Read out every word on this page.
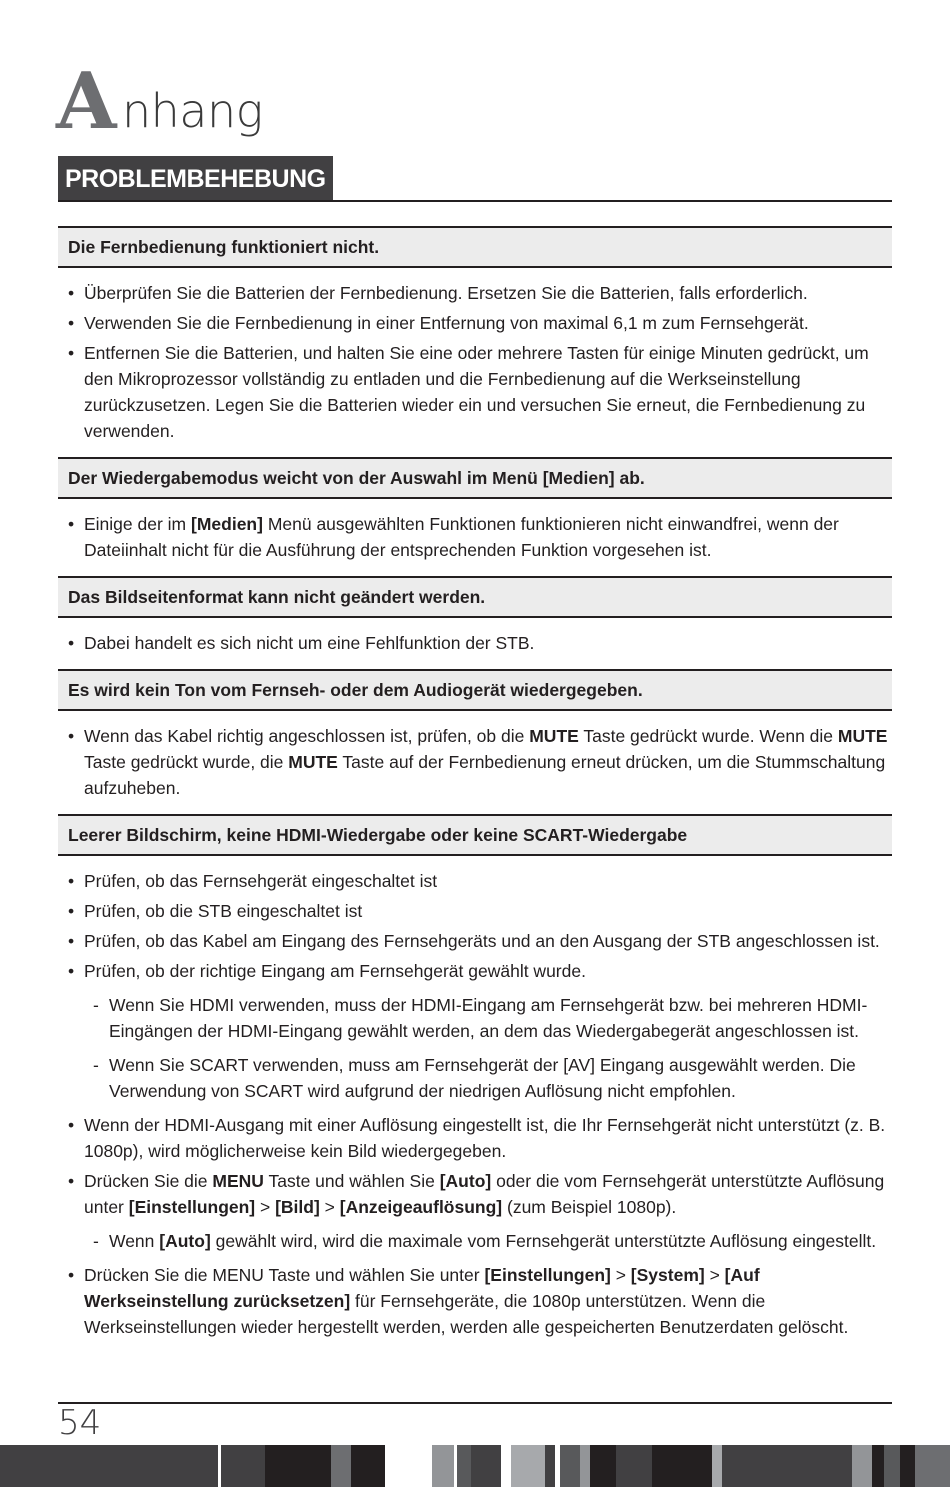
A nhang
PROBLEMBEHEBUNG
Die Fernbedienung funktioniert nicht.
• Überprüfen Sie die Batterien der Fernbedienung. Ersetzen Sie die Batterien, falls erforderlich.
• Verwenden Sie die Fernbedienung in einer Entfernung von maximal 6,1 m zum Fernsehgerät.
• Entfernen Sie die Batterien, und halten Sie eine oder mehrere Tasten für einige Minuten gedrückt, um den Mikroprozessor vollständig zu entladen und die Fernbedienung auf die Werkseinstellung zurückzusetzen. Legen Sie die Batterien wieder ein und versuchen Sie erneut, die Fernbedienung zu verwenden.
Der Wiedergabemodus weicht von der Auswahl im Menü [Medien] ab.
• Einige der im [Medien] Menü ausgewählten Funktionen funktionieren nicht einwandfrei, wenn der Dateiinhalt nicht für die Ausführung der entsprechenden Funktion vorgesehen ist.
Das Bildseitenformat kann nicht geändert werden.
• Dabei handelt es sich nicht um eine Fehlfunktion der STB.
Es wird kein Ton vom Fernseh- oder dem Audiogerät wiedergegeben.
• Wenn das Kabel richtig angeschlossen ist, prüfen, ob die MUTE Taste gedrückt wurde. Wenn die MUTE Taste gedrückt wurde, die MUTE Taste auf der Fernbedienung erneut drücken, um die Stummschaltung aufzuheben.
Leerer Bildschirm, keine HDMI-Wiedergabe oder keine SCART-Wiedergabe
• Prüfen, ob das Fernsehgerät eingeschaltet ist
• Prüfen, ob die STB eingeschaltet ist
• Prüfen, ob das Kabel am Eingang des Fernsehgeräts und an den Ausgang der STB angeschlossen ist.
• Prüfen, ob der richtige Eingang am Fernsehgerät gewählt wurde.
- Wenn Sie HDMI verwenden, muss der HDMI-Eingang am Fernsehgerät bzw. bei mehreren HDMI-Eingängen der HDMI-Eingang gewählt werden, an dem das Wiedergabegerät angeschlossen ist.
- Wenn Sie SCART verwenden, muss am Fernsehgerät der [AV] Eingang ausgewählt werden. Die Verwendung von SCART wird aufgrund der niedrigen Auflösung nicht empfohlen.
• Wenn der HDMI-Ausgang mit einer Auflösung eingestellt ist, die Ihr Fernsehgerät nicht unterstützt (z. B. 1080p), wird möglicherweise kein Bild wiedergegeben.
• Drücken Sie die MENU Taste und wählen Sie [Auto] oder die vom Fernsehgerät unterstützte Auflösung unter [Einstellungen] > [Bild] > [Anzeigeauflösung] (zum Beispiel 1080p).
- Wenn [Auto] gewählt wird, wird die maximale vom Fernsehgerät unterstützte Auflösung eingestellt.
• Drücken Sie die MENU Taste und wählen Sie unter [Einstellungen] > [System] > [Auf Werkseinstellung zurücksetzen] für Fernsehgeräte, die 1080p unterstützen. Wenn die Werkseinstellungen wieder hergestellt werden, werden alle gespeicherten Benutzerdaten gelöscht.
54
